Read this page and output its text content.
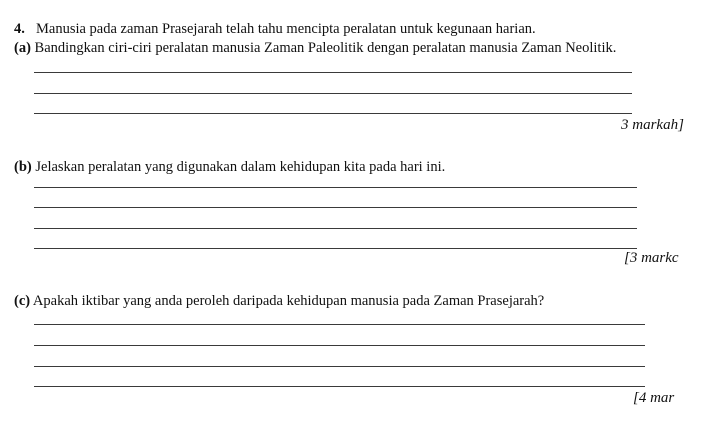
4. Manusia pada zaman Prasejarah telah tahu mencipta peralatan untuk kegunaan harian.
(a) Bandingkan ciri-ciri peralatan manusia Zaman Paleolitik dengan peralatan manusia Zaman Neolitik.
3 markah]
(b) Jelaskan peralatan yang digunakan dalam kehidupan kita pada hari ini.
[3 markc
(c) Apakah iktibar yang anda peroleh daripada kehidupan manusia pada Zaman Prasejarah?
[4 mar
